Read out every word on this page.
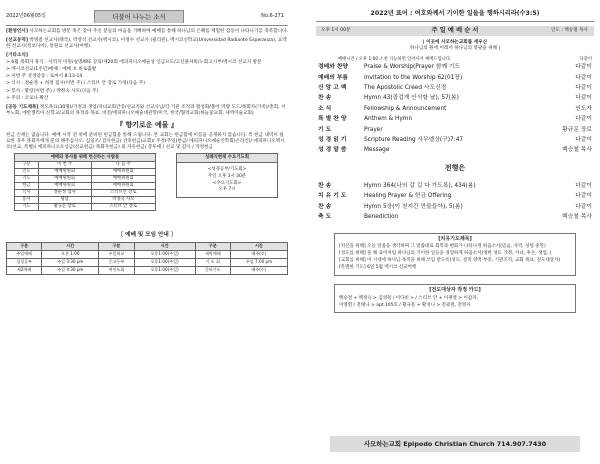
2022년06월05일	더불어 나누는 소식	No.6-271

[환영인사] 사모하는교회를 방문 혹은 찾아 주신 분들의 마음을 기뻐하며 예배를 통해 하나님의 은혜를 체험한 감동이 나타나기를 축복합니다.

[선교동역] 박병걸 선교사(태국), 박영석 선교사(멕시코), 이정수 선교사 (필리핀), 멕시코신학교(Universidad Radiante Esperanza), 요엑한 선교사(킹보다아), 통원요 선교사(여행).

[기타소식]

> 6월 목회자 휴식 : 사역자 미팅/실명/IRE 강의/제20회 에피파니오예술상 연금포도/고신풀셔워/노회고시부/멕시코 선교지 방문

> 멕시코선교(1주년)예배 : 예배 초 바로출발

> 이번 주 성경암송 : 로마서 8:13-14

> 식사 : 정순정 + 희정 집사(이번 주) / 스티브 안 장로 가정(다음 주)

> 봉사 : 황랑(이번 주) / 박정숙 사모(다음 주)

> 주의 : 코로나 확산

[공동 기도제목] 정도목표(30명)/가정과 생업/자녀교회간증/선교지와 선교사님/각 기관 조직과 활성화/볼어 역량 도드/목회자(가족)/총회, 서부노회, 에반젤리아 신학교/교회의 목적과 목표, 비전/에피파니오예술대관학/미국, 한국/협력교회(하늘꽃교회, 새벽이슬교회)

『 향기로운 예물 』

헌금 손세는 없습니다. 예배 시작 전 위에 준비된 헌금함을 통해 드립니다. 본 교회는 헌금함에 이름을 공개하지 않습니다. 특 헌금 내역이 필요한 경우 목회자에게 문의 해주십시오. 십일조/ 감사헌금/ 건축헌금(교회)/ 주정(주일)헌금/ 에피파니오예술인학회(온라인)/ 에피파니오멕시코(선교, 특별)/ 에피파니오포상금(선교헌금/ 목회자헌금) 외 자유헌금/ 봉투에 / 선교 및 감사 / 작정헌금

예배와 봉사를 위해 헌신하는 사람들		
구분	이 번 주	다 음 주
인도	예배위원회	예배위원회
기도	예배위원회	예배위원회
헌금	예배위원회	예배위원회
식사	정순정 집사	스티브안 장로
봉사	황랑	박정숙 사모
기도	황규문 장로	스티브 안 장로
성례식현재 수요기도회

<성경공부/기도회>

주일 오후 3시 30분

<수요기도회>

오후 7시

〔 예배 및 모임 안내 〕
구분	시간	구분	시간	구분	시간
주일예배	오후 1:00	주일학교	오후1:00(주일)	새벽예배	매주(토)
성경공부	주일 3:30 pm	중고등부	오후1:00(주일)	기 도 회	주일 7:00 pm
제2예배	주일 4:30 pm	여전도회	오후1:00(주일)	중보기도	매주(수)
2022년 표어 : 여호와께서 기이한 일들을 행하시리라(수3:5)
오후 1시 00분	주 일 예 배 순 서	인도 : 백승철 목사

| 이곳에 사모하는교회를 세우신

하나님의 원에 이레서 하나님의 영광을 위해 |

예배시간 / 오후 1:00 소천 기능하면 일어서서 예배드립니다.	다같이
경배와 찬양	Praise & Worship(Prayer 함께 기도	다같이
예배의 부름	Invitation to the Worship 62(01장)	다같이
신 앙 고 백	The Apostolic Creed 사도신경	다같이
찬 송	Hymn 43(즐겁게 안식할 날), 57(봄)	다같이
소 식	Fellowship & Announcement	인도자
특 별 찬 양	Anthem & Hymn	다같이
기 도	Prayer	황규문 장로
성 경 읽 기	Scripture Reading 사무엘상(구)7:47	다같이
성 경 말 씀	Message	백승철 목사
전행은
찬 송	Hymn 364(나의 갈 길 다 가도록), 434(봄)	다같이
치 유 기 도	Healing Prayer & 헌금 Offering	다같이
찬 송	Hymn 5장(이 천지간 만물들아), 5(봄)	다같이
축 도	Benediction	백승철 목사
[치유기도제목]

[치신을 위해] 오늘 말씀을 생각하며 그 말씀대로 회복과 변화가 나타나게 하옵소서(믿음, 사역, 성령 충만)

[성도를 위해] 올 해 표어처럼 하나님의 기이한 일들을 경험하게 하옵소서(영한 성도 가정, 자녀, 후손, 생업, )

[교회를 위해] 이 시대에 하나님 목적을 위해 쓰임 받도록(성도, 질적 양적 부흥, 기관조직, 교회 목표, 전도대상자)

[특별한 기도] 6일 5월 멕시코 선교여행

[전도대상자 작정 카드]

백승철 + 백정숙 > 김영원 / 이다비 > / 스티브 안 + 이재영 > 이갑자,

이영렬 / 전태나 > apt 105호 / 황규문 + 황치니 > 전광철, 전영자

사모하는교회 Epipodo Christian Church 714.907.7430
